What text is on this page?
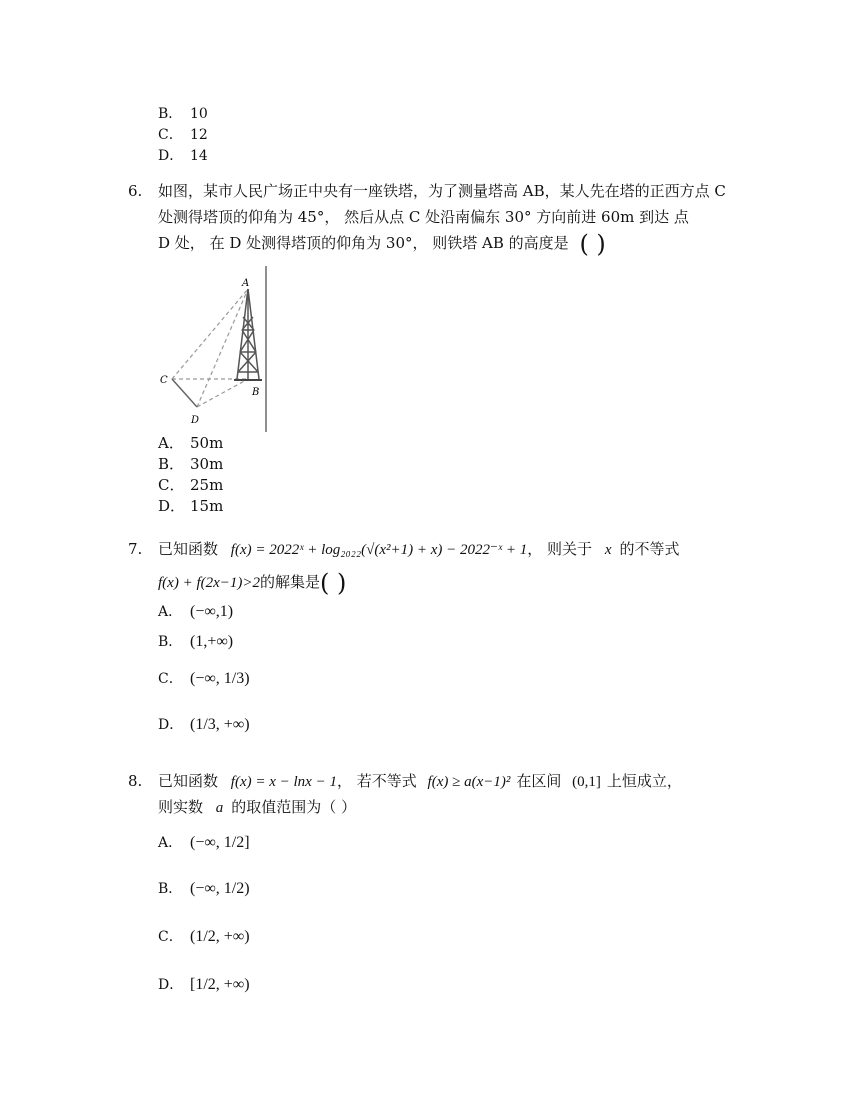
B． 10
C． 12
D． 14
6. 如图，某市人民广场正中央有一座铁塔，为了测量塔高 AB，某人先在塔的正西方点 C
处测得塔顶的仰角为 45°， 然后从点 C 处沿南偏东 30° 方向前进 60m 到达 点
D 处， 在 D 处测得塔顶的仰角为 30°， 则铁塔 AB 的高度是 ( )
A
B
C
D
A． 50m
B． 30m
C． 25m
D． 15m
7. 已知函数 f(x) = 2022ˣ + log₂₀₂₂(√(x²+1) + x) − 2022⁻ˣ + 1， 则关于 x 的不等式
f(x) + f(2x−1)>2的解集是( )
A． (−∞,1)
B． (1,+∞)
C． (−∞, 1/3)
D． (1/3, +∞)
8. 已知函数 f(x) = x − lnx − 1， 若不等式 f(x) ≥ a(x−1)² 在区间 (0,1] 上恒成立，
则实数 a 的取值范围为（ ）
A． (−∞, 1/2]
B． (−∞, 1/2)
C． (1/2, +∞)
D． [1/2, +∞)
